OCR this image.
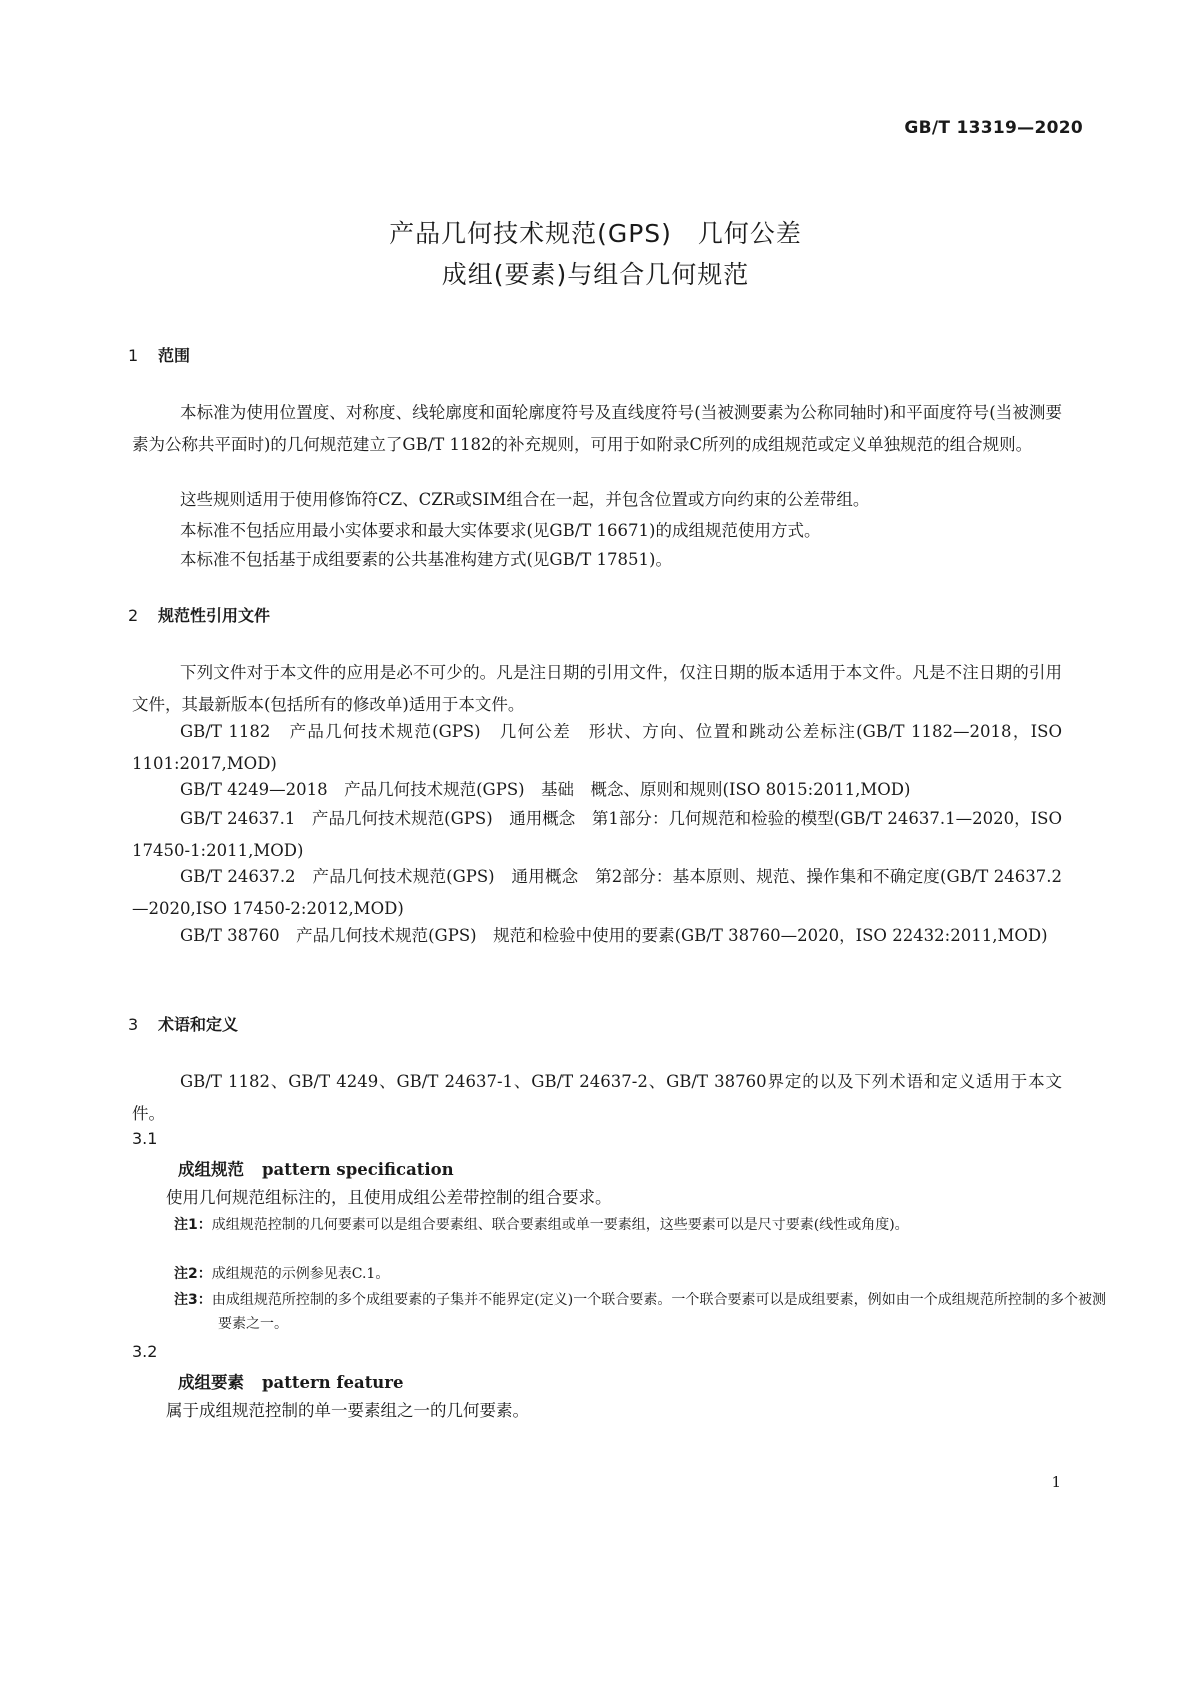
GB/T 13319—2020
产品几何技术规范(GPS)　几何公差
成组(要素)与组合几何规范
1 范围
本标准为使用位置度、对称度、线轮廓度和面轮廓度符号及直线度符号(当被测要素为公称同轴时)和平面度符号(当被测要素为公称共平面时)的几何规范建立了GB/T 1182的补充规则，可用于如附录C所列的成组规范或定义单独规范的组合规则。
这些规则适用于使用修饰符CZ、CZR或SIM组合在一起，并包含位置或方向约束的公差带组。
本标准不包括应用最小实体要求和最大实体要求(见GB/T 16671)的成组规范使用方式。
本标准不包括基于成组要素的公共基准构建方式(见GB/T 17851)。
2 规范性引用文件
下列文件对于本文件的应用是必不可少的。凡是注日期的引用文件，仅注日期的版本适用于本文件。凡是不注日期的引用文件，其最新版本(包括所有的修改单)适用于本文件。
GB/T 1182　产品几何技术规范(GPS)　几何公差　形状、方向、位置和跳动公差标注(GB/T 1182—2018，ISO 1101:2017,MOD)
GB/T 4249—2018　产品几何技术规范(GPS)　基础　概念、原则和规则(ISO 8015:2011,MOD)
GB/T 24637.1　产品几何技术规范(GPS)　通用概念　第1部分：几何规范和检验的模型(GB/T 24637.1—2020，ISO 17450-1:2011,MOD)
GB/T 24637.2　产品几何技术规范(GPS)　通用概念　第2部分：基本原则、规范、操作集和不确定度(GB/T 24637.2—2020,ISO 17450-2:2012,MOD)
GB/T 38760　产品几何技术规范(GPS)　规范和检验中使用的要素(GB/T 38760—2020，ISO 22432:2011,MOD)
3 术语和定义
GB/T 1182、GB/T 4249、GB/T 24637-1、GB/T 24637-2、GB/T 38760界定的以及下列术语和定义适用于本文件。
3.1
成组规范 pattern specification
使用几何规范组标注的，且使用成组公差带控制的组合要求。
注1：成组规范控制的几何要素可以是组合要素组、联合要素组或单一要素组，这些要素可以是尺寸要素(线性或角度)。
注2：成组规范的示例参见表C.1。
注3：由成组规范所控制的多个成组要素的子集并不能界定(定义)一个联合要素。一个联合要素可以是成组要素，例如由一个成组规范所控制的多个被测要素之一。
3.2
成组要素 pattern feature
属于成组规范控制的单一要素组之一的几何要素。
1
